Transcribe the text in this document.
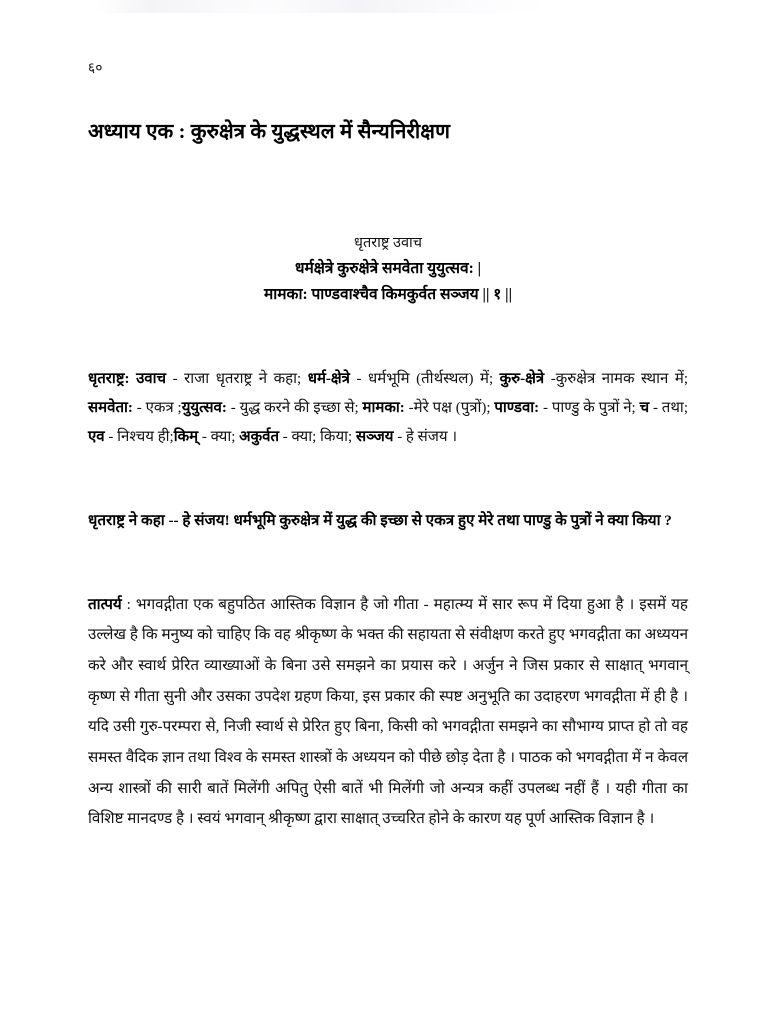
६०
अध्याय एक : कुरुक्षेत्र के युद्धस्थल में सैन्यनिरीक्षण
धृतराष्ट्र उवाच
धर्मक्षेत्रे कुरुक्षेत्रे समवेता युयुत्सव: |
मामका: पाण्डवाश्चैव किमकुर्वत सञ्जय || १ ||

धृतराष्ट्र: उवाच - राजा धृतराष्ट्र ने कहा; धर्म-क्षेत्रे - धर्मभूमि (तीर्थस्थल) में; कुरु-क्षेत्रे -कुरुक्षेत्र नामक स्थान में; समवेता: - एकत्र ;युयुत्सव: - युद्ध करने की इच्छा से; मामका: -मेरे पक्ष (पुत्रों); पाण्डवा: - पाण्डु के पुत्रों ने; च - तथा; एव - निश्चय ही;किम् - क्या; अकुर्वत - क्या; किया; सञ्जय - हे संजय ।

धृतराष्ट्र ने कहा -- हे संजय! धर्मभूमि कुरुक्षेत्र में युद्ध की इच्छा से एकत्र हुए मेरे तथा पाण्डु के पुत्रों ने क्या किया ?

तात्पर्य : भगवद्गीता एक बहुपठित आस्तिक विज्ञान है जो गीता - महात्म्य में सार रूप में दिया हुआ है । इसमें यह उल्लेख है कि मनुष्य को चाहिए कि वह श्रीकृष्ण के भक्त की सहायता से संवीक्षण करते हुए भगवद्गीता का अध्ययन करे और स्वार्थ प्रेरित व्याख्याओं के बिना उसे समझने का प्रयास करे । अर्जुन ने जिस प्रकार से साक्षात् भगवान् कृष्ण से गीता सुनी और उसका उपदेश ग्रहण किया, इस प्रकार की स्पष्ट अनुभूति का उदाहरण भगवद्गीता में ही है । यदि उसी गुरु-परम्परा से, निजी स्वार्थ से प्रेरित हुए बिना, किसी को भगवद्गीता समझने का सौभाग्य प्राप्त हो तो वह समस्त वैदिक ज्ञान तथा विश्व के समस्त शास्त्रों के अध्ययन को पीछे छोड़ देता है । पाठक को भगवद्गीता में न केवल अन्य शास्त्रों की सारी बातें मिलेंगी अपितु ऐसी बातें भी मिलेंगी जो अन्यत्र कहीं उपलब्ध नहीं हैं । यही गीता का विशिष्ट मानदण्ड है । स्वयं भगवान् श्रीकृष्ण द्वारा साक्षात् उच्चरित होने के कारण यह पूर्ण आस्तिक विज्ञान है ।
